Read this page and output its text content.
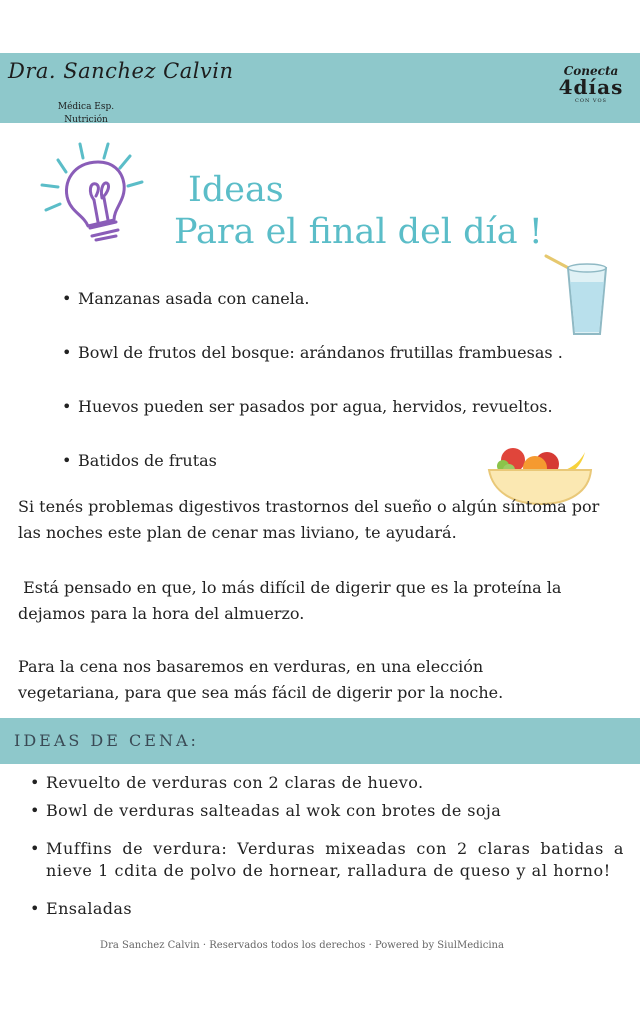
Dra. Sanchez Calvin
Médica Esp.
Nutrición
Conecta
4días
CON VOS
Ideas
Para el final del día !
• Manzanas asada con canela.
• Bowl de frutos del bosque: arándanos frutillas frambuesas .
• Huevos pueden ser pasados por agua, hervidos, revueltos.
• Batidos de frutas

Si tenés problemas digestivos trastornos del sueño o algún síntoma por
las noches este plan de cenar mas liviano, te ayudará.

Está pensado en que, lo más difícil de digerir que es la proteína la
dejamos para la hora del almuerzo.

Para la cena nos basaremos en verduras, en una elección
vegetariana, para que sea más fácil de digerir por la noche.

IDEAS DE CENA:
• Revuelto de verduras con 2 claras de huevo.
• Bowl de verduras salteadas al wok con brotes de soja
• Muffins de verdura: Verduras mixeadas con 2 claras batidas a nieve 1 cdita de polvo de hornear, ralladura de queso y al horno!
• Ensaladas
Dra Sanchez Calvin · Reservados todos los derechos · Powered by SiulMedicina
